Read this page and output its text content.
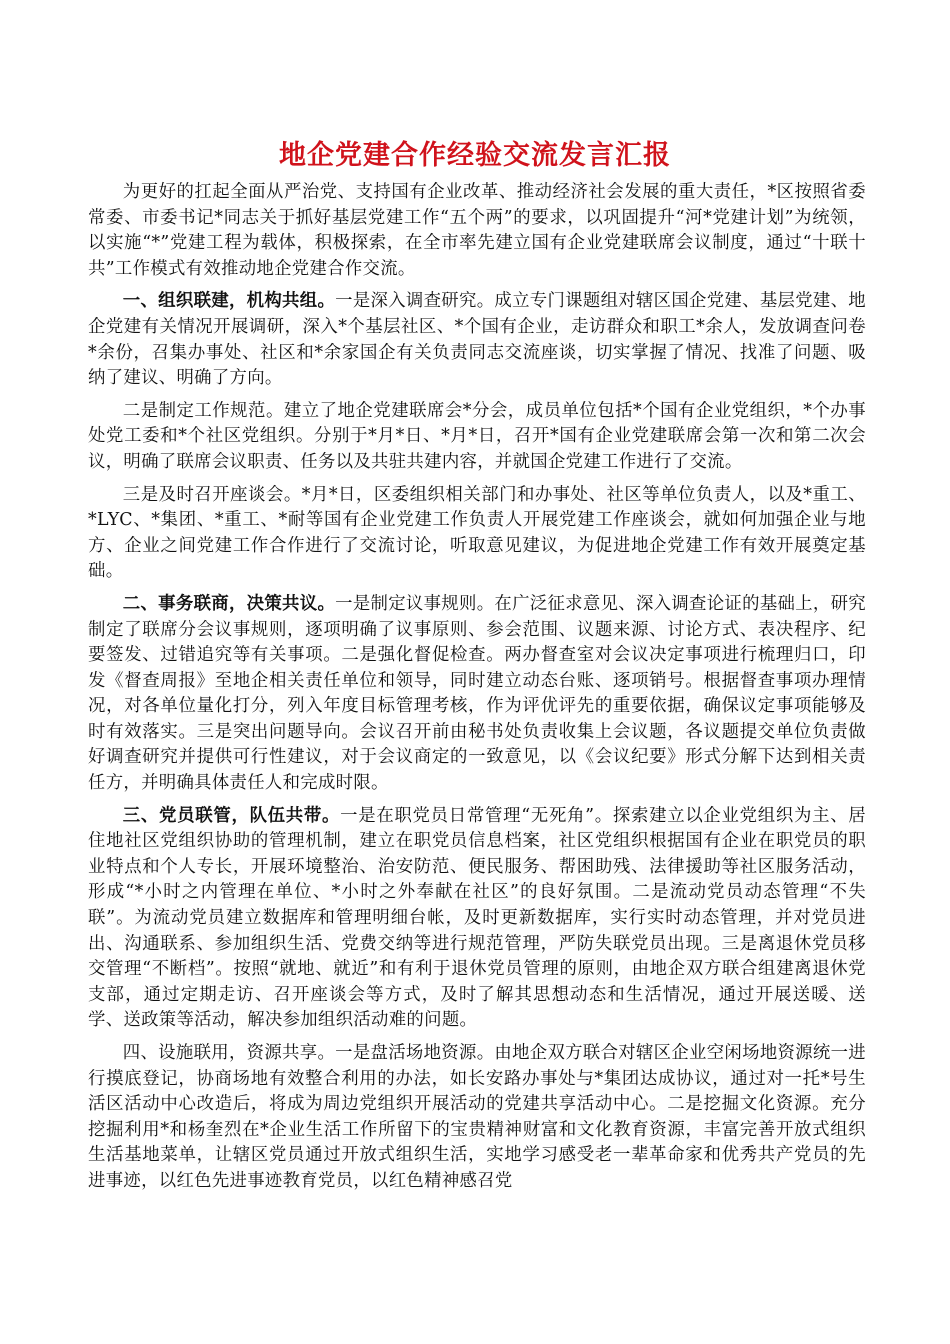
地企党建合作经验交流发言汇报

为更好的扛起全面从严治党、支持国有企业改革、推动经济社会发展的重大责任，*区按照省委常委、市委书记*同志关于抓好基层党建工作“五个两”的要求，以巩固提升“河*党建计划”为统领，以实施“*”党建工程为载体，积极探索，在全市率先建立国有企业党建联席会议制度，通过“十联十共”工作模式有效推动地企党建合作交流。

一、组织联建，机构共组。一是深入调查研究。成立专门课题组对辖区国企党建、基层党建、地企党建有关情况开展调研，深入*个基层社区、*个国有企业，走访群众和职工*余人，发放调查问卷*余份，召集办事处、社区和*余家国企有关负责同志交流座谈，切实掌握了情况、找准了问题、吸纳了建议、明确了方向。

二是制定工作规范。建立了地企党建联席会*分会，成员单位包括*个国有企业党组织，*个办事处党工委和*个社区党组织。分别于*月*日、*月*日，召开*国有企业党建联席会第一次和第二次会议，明确了联席会议职责、任务以及共驻共建内容，并就国企党建工作进行了交流。

三是及时召开座谈会。*月*日，区委组织相关部门和办事处、社区等单位负责人，以及*重工、*LYC、*集团、*重工、*耐等国有企业党建工作负责人开展党建工作座谈会，就如何加强企业与地方、企业之间党建工作合作进行了交流讨论，听取意见建议，为促进地企党建工作有效开展奠定基础。

二、事务联商，决策共议。一是制定议事规则。在广泛征求意见、深入调查论证的基础上，研究制定了联席分会议事规则，逐项明确了议事原则、参会范围、议题来源、讨论方式、表决程序、纪要签发、过错追究等有关事项。二是强化督促检查。两办督查室对会议决定事项进行梳理归口，印发《督查周报》至地企相关责任单位和领导，同时建立动态台账、逐项销号。根据督查事项办理情况，对各单位量化打分，列入年度目标管理考核，作为评优评先的重要依据，确保议定事项能够及时有效落实。三是突出问题导向。会议召开前由秘书处负责收集上会议题，各议题提交单位负责做好调查研究并提供可行性建议，对于会议商定的一致意见，以《会议纪要》形式分解下达到相关责任方，并明确具体责任人和完成时限。

三、党员联管，队伍共带。一是在职党员日常管理“无死角”。探索建立以企业党组织为主、居住地社区党组织协助的管理机制，建立在职党员信息档案，社区党组织根据国有企业在职党员的职业特点和个人专长，开展环境整治、治安防范、便民服务、帮困助残、法律援助等社区服务活动，形成“*小时之内管理在单位、*小时之外奉献在社区”的良好氛围。二是流动党员动态管理“不失联”。为流动党员建立数据库和管理明细台帐，及时更新数据库，实行实时动态管理，并对党员进出、沟通联系、参加组织生活、党费交纳等进行规范管理，严防失联党员出现。三是离退休党员移交管理“不断档”。按照“就地、就近”和有利于退休党员管理的原则，由地企双方联合组建离退休党支部，通过定期走访、召开座谈会等方式，及时了解其思想动态和生活情况，通过开展送暖、送学、送政策等活动，解决参加组织活动难的问题。

四、设施联用，资源共享。一是盘活场地资源。由地企双方联合对辖区企业空闲场地资源统一进行摸底登记，协商场地有效整合利用的办法，如长安路办事处与*集团达成协议，通过对一托*号生活区活动中心改造后，将成为周边党组织开展活动的党建共享活动中心。二是挖掘文化资源。充分挖掘利用*和杨奎烈在*企业生活工作所留下的宝贵精神财富和文化教育资源，丰富完善开放式组织生活基地菜单，让辖区党员通过开放式组织生活，实地学习感受老一辈革命家和优秀共产党员的先进事迹，以红色先进事迹教育党员，以红色精神感召党
